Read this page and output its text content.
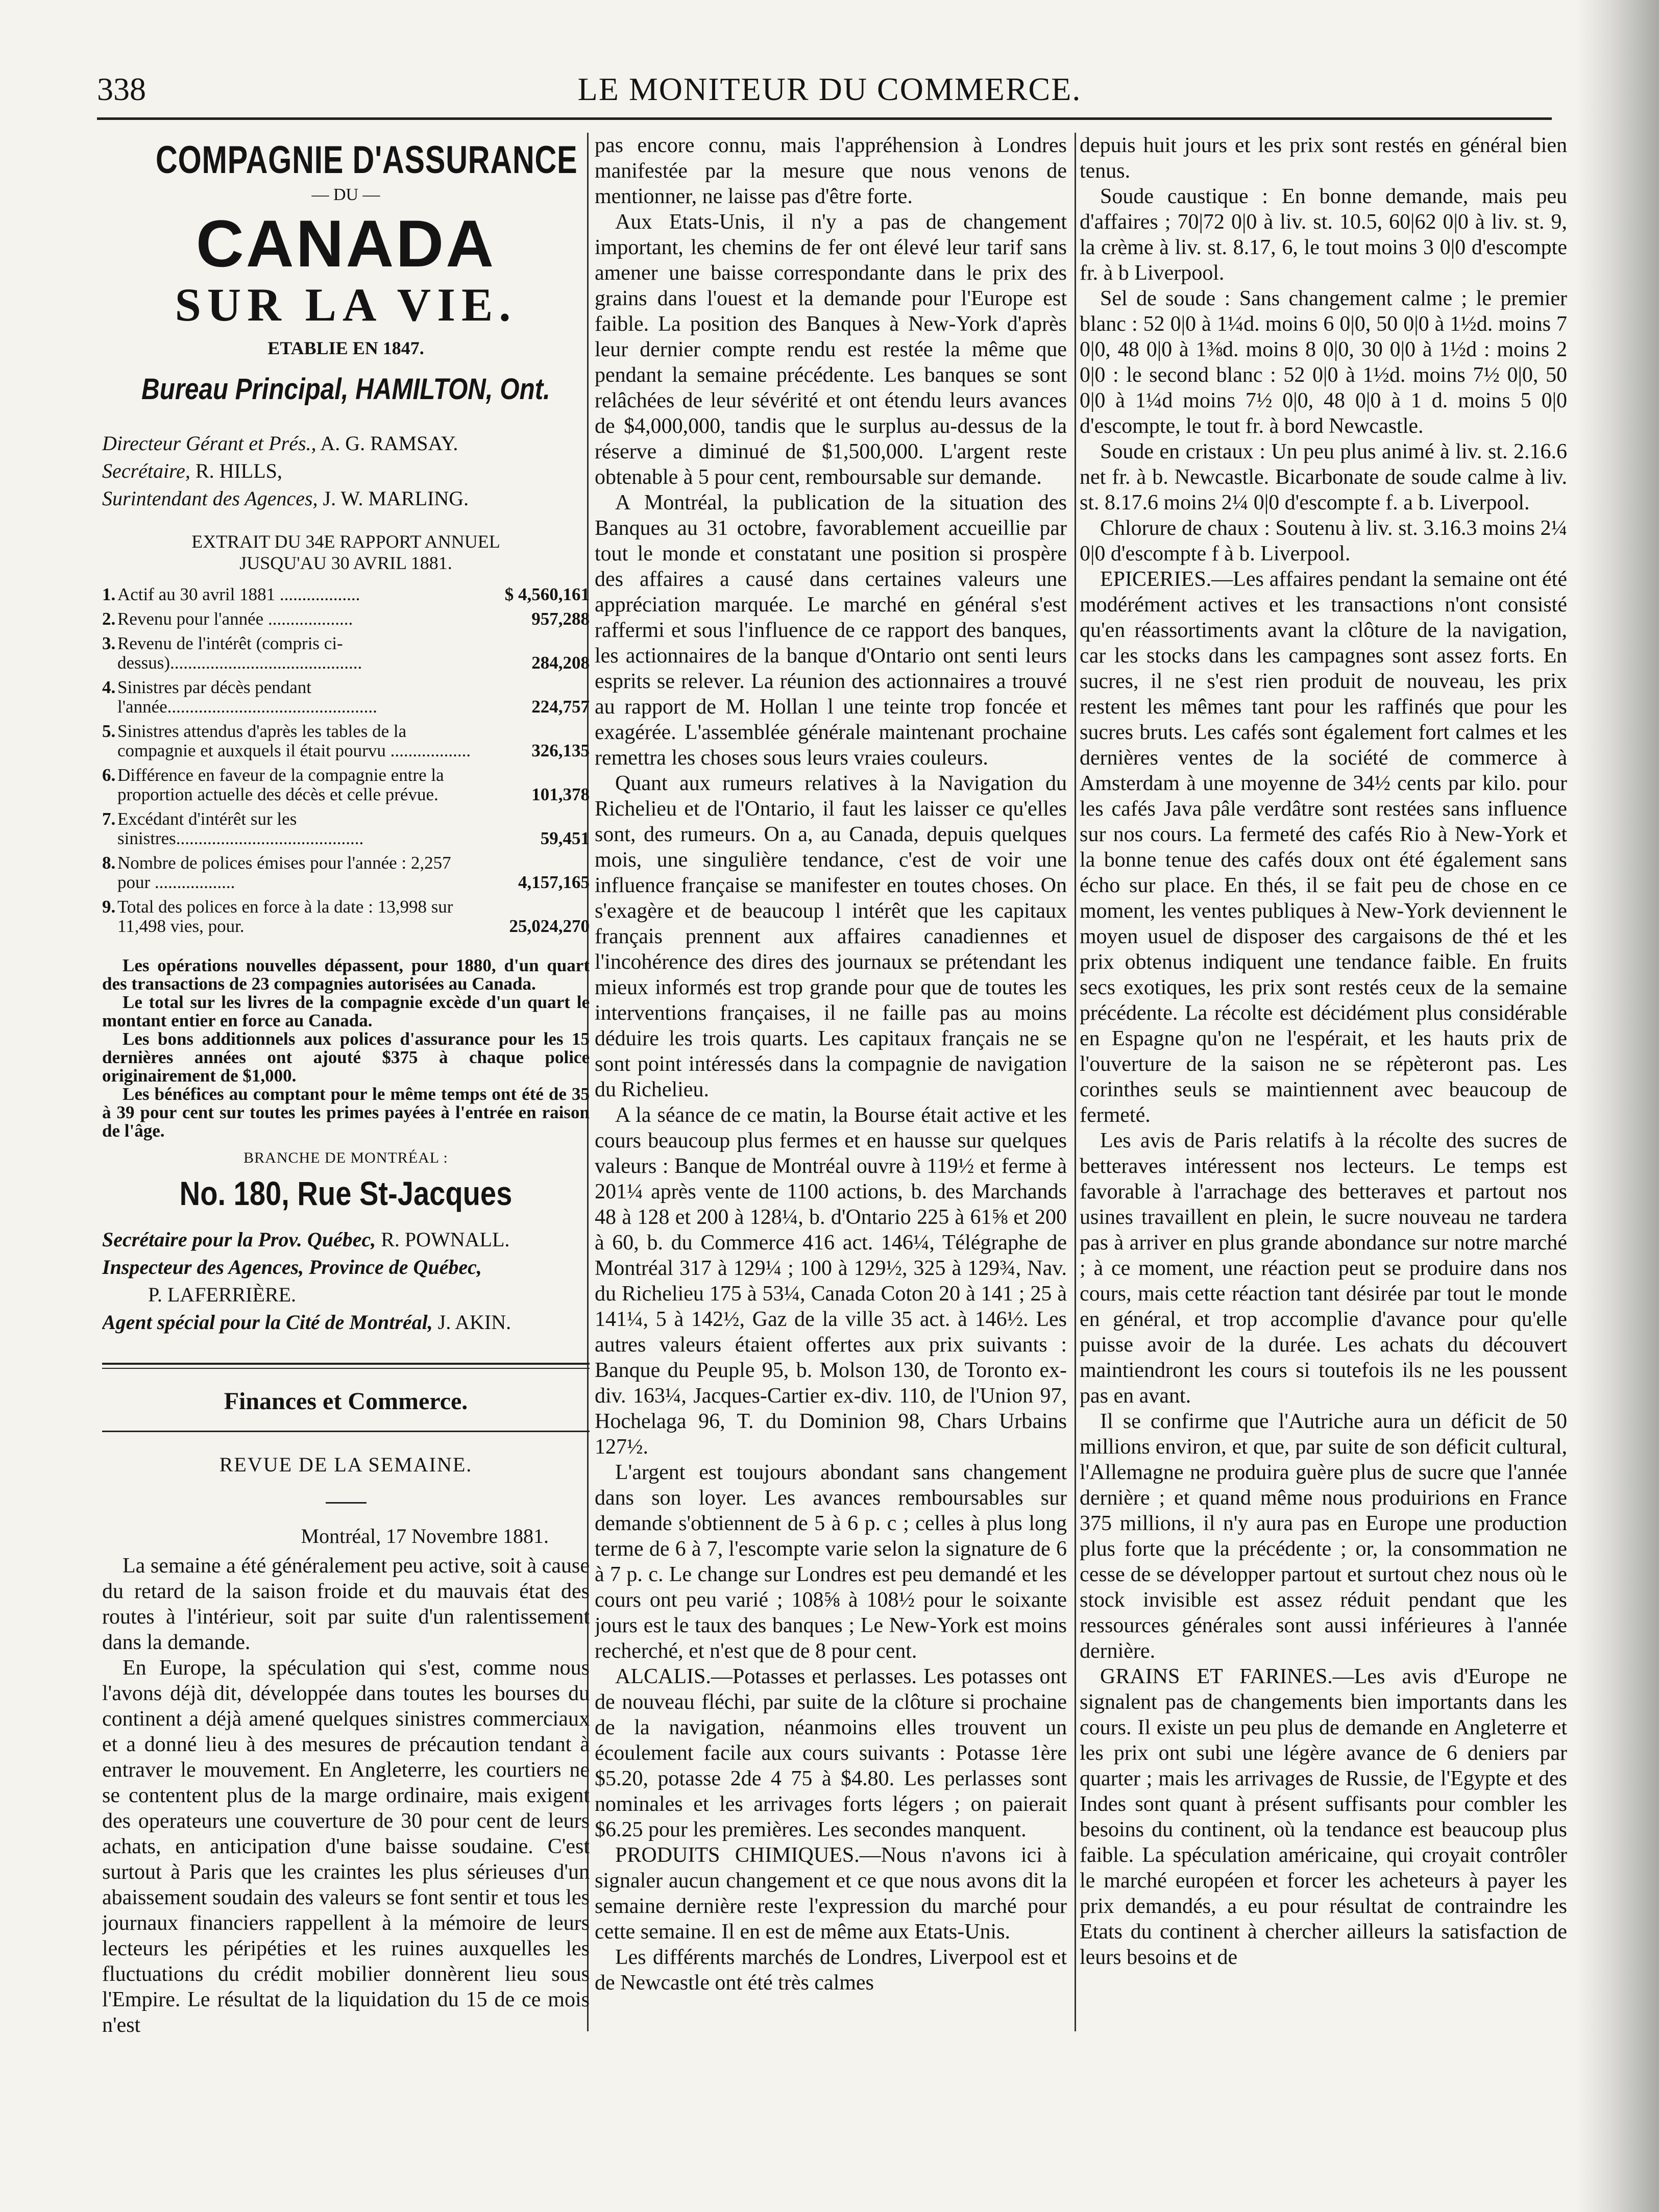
338	LE MONITEUR DU COMMERCE.
COMPAGNIE D'ASSURANCE
— DU —
CANADA
SUR LA VIE.
ETABLIE EN 1847.
Bureau Principal, HAMILTON, Ont.
Directeur Gérant et Prés., A. G. RAMSAY.
Secrétaire, R. HILLS,
Surintendant des Agences, J. W. MARLING.
EXTRAIT DU 34E RAPPORT ANNUEL
JUSQU'AU 30 AVRIL 1881.
1. Actif au 30 avril 1881 ..................	$ 4,560,161
2. Revenu pour l'année ...................	957,288
3. Revenu de l'intérêt (compris ci-dessus)...........................................	284,208
4. Sinistres par décès pendant l'année...............................................	224,757
5. Sinistres attendus d'après les tables de la compagnie et auxquels il était pourvu ..................	326,135
6. Différence en faveur de la compagnie entre la proportion actuelle des décès et celle prévue.	101,378
7. Excédant d'intérêt sur les sinistres..........................................	59,451
8. Nombre de polices émises pour l'année : 2,257 pour ..................	4,157,165
9. Total des polices en force à la date : 13,998 sur 11,498 vies, pour.	25,024,270

Les opérations nouvelles dépassent, pour 1880, d'un quart des transactions de 23 compagnies autorisées au Canada.

Le total sur les livres de la compagnie excède d'un quart le montant entier en force au Canada.

Les bons additionnels aux polices d'assurance pour les 15 dernières années ont ajouté $375 à chaque police originairement de $1,000.

Les bénéfices au comptant pour le même temps ont été de 35 à 39 pour cent sur toutes les primes payées à l'entrée en raison de l'âge.

BRANCHE DE MONTRÉAL :
No. 180, Rue St-Jacques
Secrétaire pour la Prov. Québec, R. POWNALL.
Inspecteur des Agences, Province de Québec,
P. LAFERRIÈRE.
Agent spécial pour la Cité de Montréal, J. AKIN.
Finances et Commerce.
REVUE DE LA SEMAINE.
Montréal, 17 Novembre 1881.

La semaine a été généralement peu active, soit à cause du retard de la saison froide et du mauvais état des routes à l'intérieur, soit par suite d'un ralentissement dans la demande.

En Europe, la spéculation qui s'est, comme nous l'avons déjà dit, développée dans toutes les bourses du continent a déjà amené quelques sinistres commerciaux et a donné lieu à des mesures de précaution tendant à entraver le mouvement. En Angleterre, les courtiers ne se contentent plus de la marge ordinaire, mais exigent des operateurs une couverture de 30 pour cent de leurs achats, en anticipation d'une baisse soudaine. C'est surtout à Paris que les craintes les plus sérieuses d'un abaissement soudain des valeurs se font sentir et tous les journaux financiers rappellent à la mémoire de leurs lecteurs les péripéties et les ruines auxquelles les fluctuations du crédit mobilier donnèrent lieu sous l'Empire. Le résultat de la liquidation du 15 de ce mois n'est

pas encore connu, mais l'appréhension à Londres manifestée par la mesure que nous venons de mentionner, ne laisse pas d'être forte.

Aux Etats-Unis, il n'y a pas de changement important, les chemins de fer ont élevé leur tarif sans amener une baisse correspondante dans le prix des grains dans l'ouest et la demande pour l'Europe est faible. La position des Banques à New-York d'après leur dernier compte rendu est restée la même que pendant la semaine précédente. Les banques se sont relâchées de leur sévérité et ont étendu leurs avances de $4,000,000, tandis que le surplus au-dessus de la réserve a diminué de $1,500,000. L'argent reste obtenable à 5 pour cent, remboursable sur demande.

A Montréal, la publication de la situation des Banques au 31 octobre, favorablement accueillie par tout le monde et constatant une position si prospère des affaires a causé dans certaines valeurs une appréciation marquée. Le marché en général s'est raffermi et sous l'influence de ce rapport des banques, les actionnaires de la banque d'Ontario ont senti leurs esprits se relever. La réunion des actionnaires a trouvé au rapport de M. Hollan l une teinte trop foncée et exagérée. L'assemblée générale maintenant prochaine remettra les choses sous leurs vraies couleurs.

Quant aux rumeurs relatives à la Navigation du Richelieu et de l'Ontario, il faut les laisser ce qu'elles sont, des rumeurs. On a, au Canada, depuis quelques mois, une singulière tendance, c'est de voir une influence française se manifester en toutes choses. On s'exagère et de beaucoup l intérêt que les capitaux français prennent aux affaires canadiennes et l'incohérence des dires des journaux se prétendant les mieux informés est trop grande pour que de toutes les interventions françaises, il ne faille pas au moins déduire les trois quarts. Les capitaux français ne se sont point intéressés dans la compagnie de navigation du Richelieu.

A la séance de ce matin, la Bourse était active et les cours beaucoup plus fermes et en hausse sur quelques valeurs : Banque de Montréal ouvre à 119½ et ferme à 201¼ après vente de 1100 actions, b. des Marchands 48 à 128 et 200 à 128¼, b. d'Ontario 225 à 61⅝ et 200 à 60, b. du Commerce 416 act. 146¼, Télégraphe de Montréal 317 à 129¼ ; 100 à 129½, 325 à 129¾, Nav. du Richelieu 175 à 53¼, Canada Coton 20 à 141 ; 25 à 141¼, 5 à 142½, Gaz de la ville 35 act. à 146½. Les autres valeurs étaient offertes aux prix suivants : Banque du Peuple 95, b. Molson 130, de Toronto ex-div. 163¼, Jacques-Cartier ex-div. 110, de l'Union 97, Hochelaga 96, T. du Dominion 98, Chars Urbains 127½.

L'argent est toujours abondant sans changement dans son loyer. Les avances remboursables sur demande s'obtiennent de 5 à 6 p. c ; celles à plus long terme de 6 à 7, l'escompte varie selon la signature de 6 à 7 p. c. Le change sur Londres est peu demandé et les cours ont peu varié ; 108⅝ à 108½ pour le soixante jours est le taux des banques ; Le New-York est moins recherché, et n'est que de 8 pour cent.

ALCALIS.—Potasses et perlasses. Les potasses ont de nouveau fléchi, par suite de la clôture si prochaine de la navigation, néanmoins elles trouvent un écoulement facile aux cours suivants : Potasse 1ère $5.20, potasse 2de 4 75 à $4.80. Les perlasses sont nominales et les arrivages forts légers ; on paierait $6.25 pour les premières. Les secondes manquent.

PRODUITS CHIMIQUES.—Nous n'avons ici à signaler aucun changement et ce que nous avons dit la semaine dernière reste l'expression du marché pour cette semaine. Il en est de même aux Etats-Unis.

Les différents marchés de Londres, Liverpool est et de Newcastle ont été très calmes

depuis huit jours et les prix sont restés en général bien tenus.

Soude caustique : En bonne demande, mais peu d'affaires ; 70|72 0|0 à liv. st. 10.5, 60|62 0|0 à liv. st. 9, la crème à liv. st. 8.17, 6, le tout moins 3 0|0 d'escompte fr. à b Liverpool.

Sel de soude : Sans changement calme ; le premier blanc : 52 0|0 à 1¼d. moins 6 0|0, 50 0|0 à 1½d. moins 7 0|0, 48 0|0 à 1⅜d. moins 8 0|0, 30 0|0 à 1½d : moins 2 0|0 : le second blanc : 52 0|0 à 1½d. moins 7½ 0|0, 50 0|0 à 1¼d moins 7½ 0|0, 48 0|0 à 1 d. moins 5 0|0 d'escompte, le tout fr. à bord Newcastle.

Soude en cristaux : Un peu plus animé à liv. st. 2.16.6 net fr. à b. Newcastle. Bicarbonate de soude calme à liv. st. 8.17.6 moins 2¼ 0|0 d'escompte f. a b. Liverpool.

Chlorure de chaux : Soutenu à liv. st. 3.16.3 moins 2¼ 0|0 d'escompte f à b. Liverpool.

EPICERIES.—Les affaires pendant la semaine ont été modérément actives et les transactions n'ont consisté qu'en réassortiments avant la clôture de la navigation, car les stocks dans les campagnes sont assez forts. En sucres, il ne s'est rien produit de nouveau, les prix restent les mêmes tant pour les raffinés que pour les sucres bruts. Les cafés sont également fort calmes et les dernières ventes de la société de commerce à Amsterdam à une moyenne de 34½ cents par kilo. pour les cafés Java pâle verdâtre sont restées sans influence sur nos cours. La fermeté des cafés Rio à New-York et la bonne tenue des cafés doux ont été également sans écho sur place. En thés, il se fait peu de chose en ce moment, les ventes publiques à New-York deviennent le moyen usuel de disposer des cargaisons de thé et les prix obtenus indiquent une tendance faible. En fruits secs exotiques, les prix sont restés ceux de la semaine précédente. La récolte est décidément plus considérable en Espagne qu'on ne l'espérait, et les hauts prix de l'ouverture de la saison ne se répèteront pas. Les corinthes seuls se maintiennent avec beaucoup de fermeté.

Les avis de Paris relatifs à la récolte des sucres de betteraves intéressent nos lecteurs. Le temps est favorable à l'arrachage des betteraves et partout nos usines travaillent en plein, le sucre nouveau ne tardera pas à arriver en plus grande abondance sur notre marché ; à ce moment, une réaction peut se produire dans nos cours, mais cette réaction tant désirée par tout le monde en général, et trop accomplie d'avance pour qu'elle puisse avoir de la durée. Les achats du découvert maintiendront les cours si toutefois ils ne les poussent pas en avant.

Il se confirme que l'Autriche aura un déficit de 50 millions environ, et que, par suite de son déficit cultural, l'Allemagne ne produira guère plus de sucre que l'année dernière ; et quand même nous produirions en France 375 millions, il n'y aura pas en Europe une production plus forte que la précédente ; or, la consommation ne cesse de se développer partout et surtout chez nous où le stock invisible est assez réduit pendant que les ressources générales sont aussi inférieures à l'année dernière.

GRAINS ET FARINES.—Les avis d'Europe ne signalent pas de changements bien importants dans les cours. Il existe un peu plus de demande en Angleterre et les prix ont subi une légère avance de 6 deniers par quarter ; mais les arrivages de Russie, de l'Egypte et des Indes sont quant à présent suffisants pour combler les besoins du continent, où la tendance est beaucoup plus faible. La spéculation américaine, qui croyait contrôler le marché européen et forcer les acheteurs à payer les prix demandés, a eu pour résultat de contraindre les Etats du continent à chercher ailleurs la satisfaction de leurs besoins et de
